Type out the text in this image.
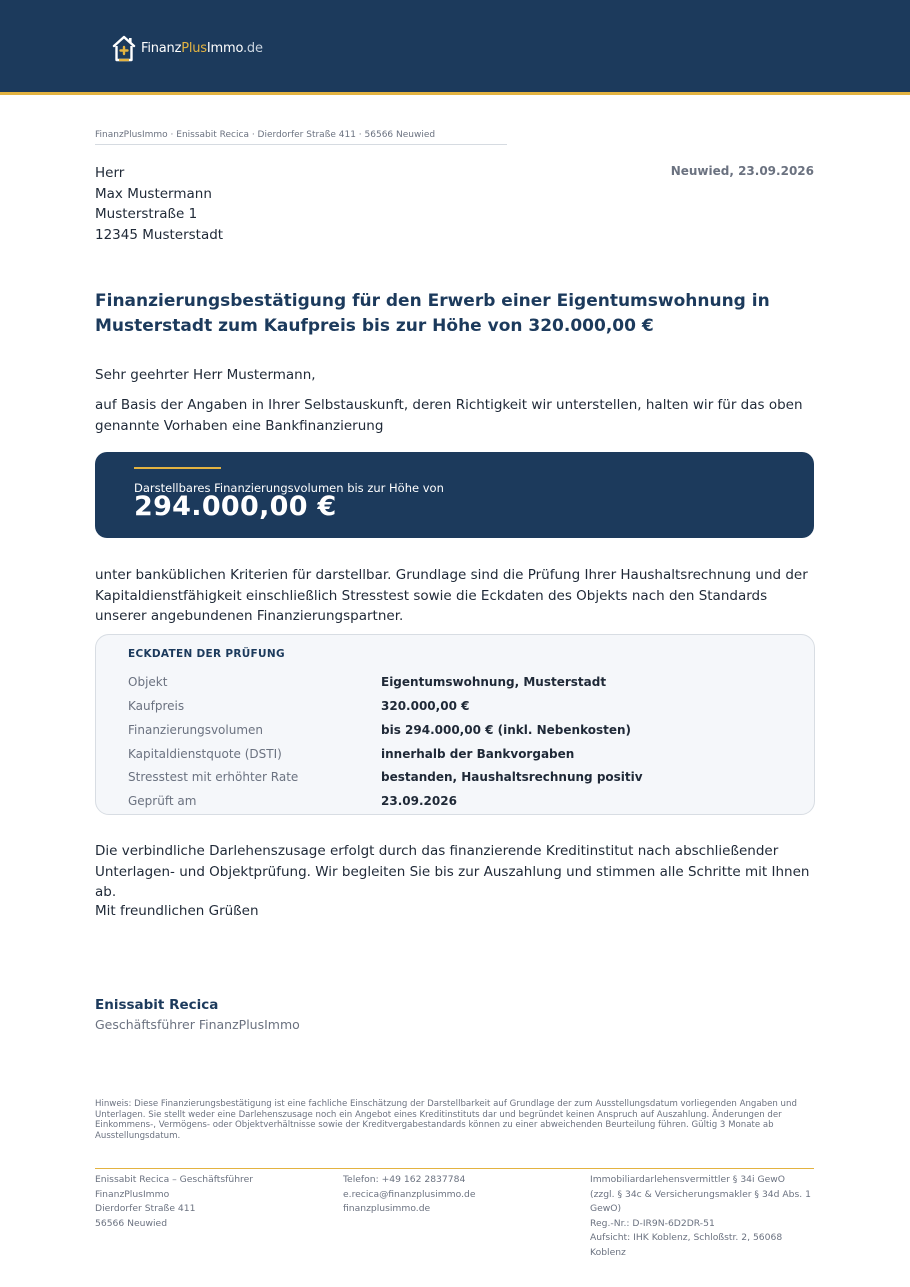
FinanzPlusImmo.de
FinanzPlusImmo · Enissabit Recica · Dierdorfer Straße 411 · 56566 Neuwied
Herr
Max Mustermann
Musterstraße 1
12345 Musterstadt
Neuwied, 23.09.2026
Finanzierungsbestätigung für den Erwerb einer Eigentumswohnung in Musterstadt zum Kaufpreis bis zur Höhe von 320.000,00 €
Sehr geehrter Herr Mustermann,
auf Basis der Angaben in Ihrer Selbstauskunft, deren Richtigkeit wir unterstellen, halten wir für das oben genannte Vorhaben eine Bankfinanzierung
Darstellbares Finanzierungsvolumen bis zur Höhe von
294.000,00 €
unter banküblichen Kriterien für darstellbar. Grundlage sind die Prüfung Ihrer Haushaltsrechnung und der Kapitaldienstfähigkeit einschließlich Stresstest sowie die Eckdaten des Objekts nach den Standards unserer angebundenen Finanzierungspartner.
ECKDATEN DER PRÜFUNG
Objekt	Eigentumswohnung, Musterstadt
Kaufpreis	320.000,00 €
Finanzierungsvolumen	bis 294.000,00 € (inkl. Nebenkosten)
Kapitaldienstquote (DSTI)	innerhalb der Bankvorgaben
Stresstest mit erhöhter Rate	bestanden, Haushaltsrechnung positiv
Geprüft am	23.09.2026
Die verbindliche Darlehenszusage erfolgt durch das finanzierende Kreditinstitut nach abschließender Unterlagen- und Objektprüfung. Wir begleiten Sie bis zur Auszahlung und stimmen alle Schritte mit Ihnen ab.
Mit freundlichen Grüßen
Enissabit Recica
Geschäftsführer FinanzPlusImmo
Hinweis: Diese Finanzierungsbestätigung ist eine fachliche Einschätzung der Darstellbarkeit auf Grundlage der zum Ausstellungsdatum vorliegenden Angaben und Unterlagen. Sie stellt weder eine Darlehenszusage noch ein Angebot eines Kreditinstituts dar und begründet keinen Anspruch auf Auszahlung. Änderungen der Einkommens-, Vermögens- oder Objektverhältnisse sowie der Kreditvergabestandards können zu einer abweichenden Beurteilung führen. Gültig 3 Monate ab Ausstellungsdatum.
Enissabit Recica – Geschäftsführer
FinanzPlusImmo
Dierdorfer Straße 411
56566 Neuwied
Telefon: +49 162 2837784
e.recica@finanzplusimmo.de
finanzplusimmo.de
Immobiliardarlehensvermittler § 34i GewO (zzgl. § 34c & Versicherungsmakler § 34d Abs. 1 GewO)
Reg.-Nr.: D-IR9N-6D2DR-51
Aufsicht: IHK Koblenz, Schloßstr. 2, 56068 Koblenz
